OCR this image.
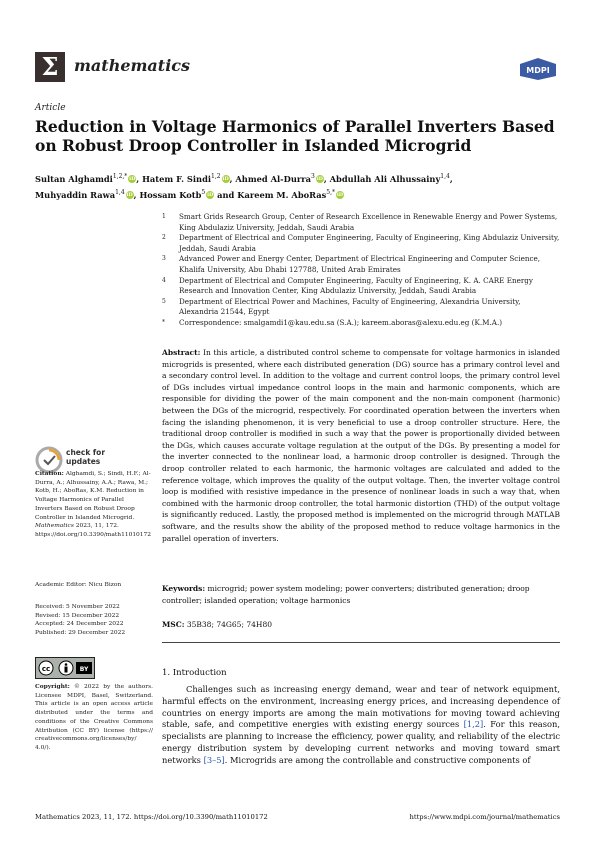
Σ mathematics	MDPI
Article
Reduction in Voltage Harmonics of Parallel Inverters Based on Robust Droop Controller in Islanded Microgrid
Sultan Alghamdi$^{1,2,*}$ iD, Hatem F. Sindi$^{1,2}$ iD, Ahmed Al-Durra$^3$ iD, Abdullah Ali Alhussainy$^{1,4}$,
Muhyaddin Rawa$^{1,4}$ iD, Hossam Kotb$^5$ iD and Kareem M. AboRas$^{5,*}$ iD
1	Smart Grids Research Group, Center of Research Excellence in Renewable Energy and Power Systems, King Abdulaziz University, Jeddah, Saudi Arabia
2	Department of Electrical and Computer Engineering, Faculty of Engineering, King Abdulaziz University, Jeddah, Saudi Arabia
3	Advanced Power and Energy Center, Department of Electrical Engineering and Computer Science, Khalifa University, Abu Dhabi 127788, United Arab Emirates
4	Department of Electrical and Computer Engineering, Faculty of Engineering, K. A. CARE Energy Research and Innovation Center, King Abdulaziz University, Jeddah, Saudi Arabia
5	Department of Electrical Power and Machines, Faculty of Engineering, Alexandria University, Alexandria 21544, Egypt
*	Correspondence: smalgamdi1@kau.edu.sa (S.A.); kareem.aboras@alexu.edu.eg (K.M.A.)
Abstract: In this article, a distributed control scheme to compensate for voltage harmonics in islanded microgrids is presented, where each distributed generation (DG) source has a primary control level and a secondary control level. In addition to the voltage and current control loops, the primary control level of DGs includes virtual impedance control loops in the main and harmonic components, which are responsible for dividing the power of the main component and the non-main component (harmonic) between the DGs of the microgrid, respectively. For coordinated operation between the inverters when facing the islanding phenomenon, it is very beneficial to use a droop controller structure. Here, the traditional droop controller is modified in such a way that the power is proportionally divided between the DGs, which causes accurate voltage regulation at the output of the DGs. By presenting a model for the inverter connected to the nonlinear load, a harmonic droop controller is designed. Through the droop controller related to each harmonic, the harmonic voltages are calculated and added to the reference voltage, which improves the quality of the output voltage. Then, the inverter voltage control loop is modified with resistive impedance in the presence of nonlinear loads in such a way that, when combined with the harmonic droop controller, the total harmonic distortion (THD) of the output voltage is significantly reduced. Lastly, the proposed method is implemented on the microgrid through MATLAB software, and the results show the ability of the proposed method to reduce voltage harmonics in the parallel operation of inverters.
Keywords: microgrid; power system modeling; power converters; distributed generation; droop controller; islanded operation; voltage harmonics
MSC: 35B38; 74G65; 74H80
check for
updates
Citation: Alghamdi, S.; Sindi, H.F.; Al-Durra, A.; Alhussainy, A.A.; Rawa, M.; Kotb, H.; AboRas, K.M. Reduction in Voltage Harmonics of Parallel Inverters Based on Robust Droop Controller in Islanded Microgrid. Mathematics 2023, 11, 172. https://doi.org/10.3390/math11010172
Academic Editor: Nicu Bizon
Received: 5 November 2022
Revised: 15 December 2022
Accepted: 24 December 2022
Published: 29 December 2022
cc	BY
Copyright: © 2022 by the authors. Licensee MDPI, Basel, Switzerland. This article is an open access article distributed under the terms and conditions of the Creative Commons Attribution (CC BY) license (https:// creativecommons.org/licenses/by/ 4.0/).
1. Introduction
Challenges such as increasing energy demand, wear and tear of network equipment, harmful effects on the environment, increasing energy prices, and increasing dependence of countries on energy imports are among the main motivations for moving toward achieving stable, safe, and competitive energies with existing energy sources [1,2]. For this reason, specialists are planning to increase the efficiency, power quality, and reliability of the electric energy distribution system by developing current networks and moving toward smart networks [3–5]. Microgrids are among the controllable and constructive components of
Mathematics 2023, 11, 172. https://doi.org/10.3390/math11010172	https://www.mdpi.com/journal/mathematics
